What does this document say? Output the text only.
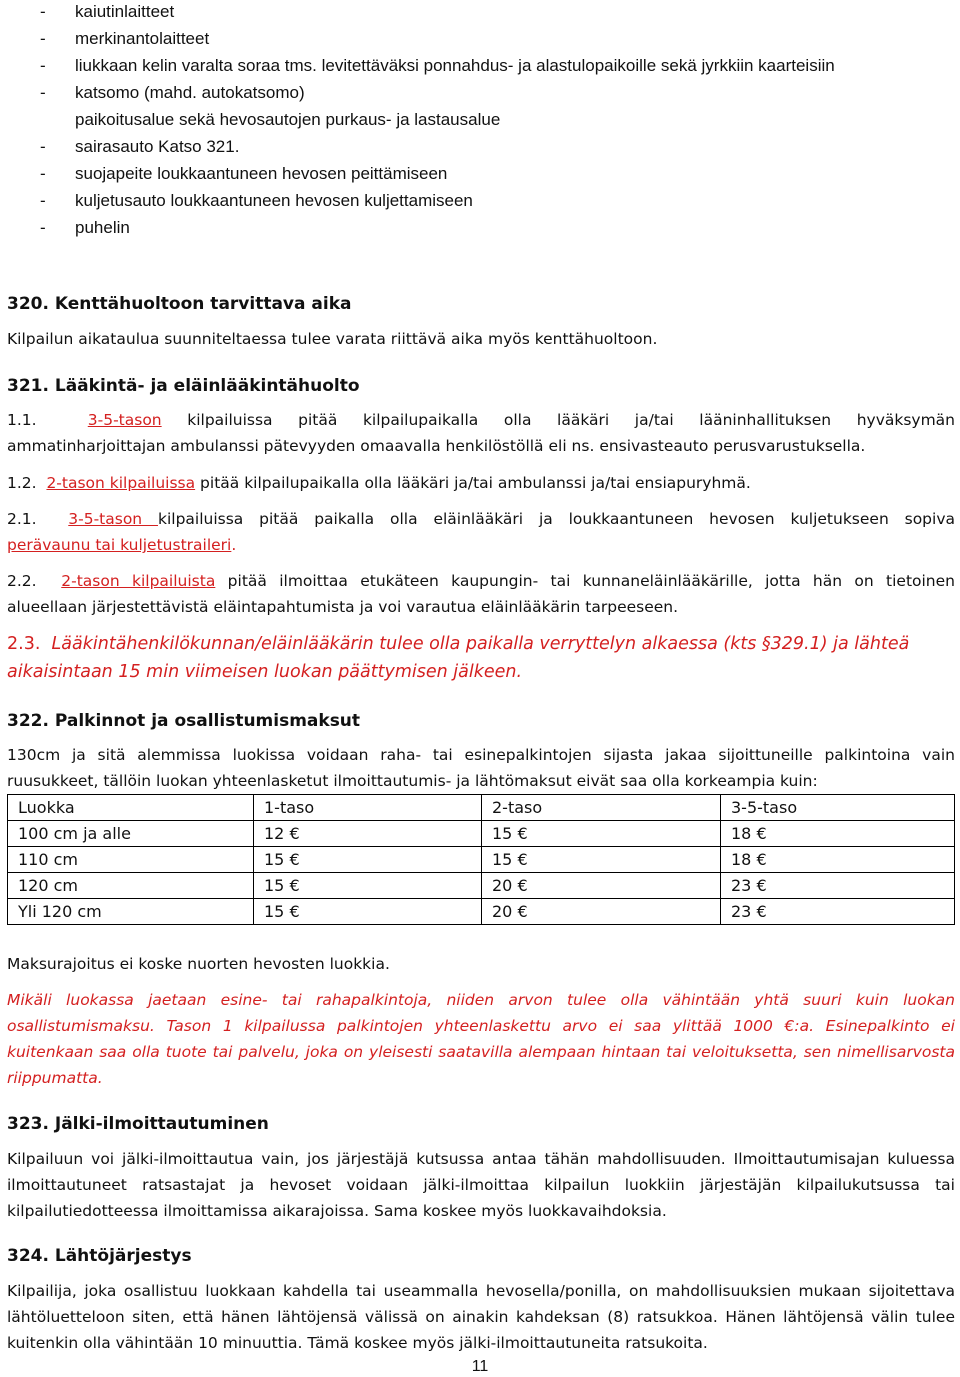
- kaiutinlaitteet
- merkinantolaitteet
- liukkaan kelin varalta soraa tms. levitettäväksi ponnahdus- ja alastulopaikoille sekä jyrkkiin kaarteisiin
- katsomo (mahd. autokatsomo)
paikoitusalue sekä hevosautojen purkaus- ja lastausalue
- sairasauto Katso 321.
- suojapeite loukkaantuneen hevosen peittämiseen
- kuljetusauto loukkaantuneen hevosen kuljettamiseen
- puhelin
320. Kenttähuoltoon tarvittava aika
Kilpailun aikataulua suunniteltaessa tulee varata riittävä aika myös kenttähuoltoon.
321. Lääkintä- ja eläinlääkintähuolto
1.1.	3-5-tason kilpailuissa pitää kilpailupaikalla olla lääkäri ja/tai lääninhallituksen hyväksymän
ammatinharjoittajan ambulanssi pätevyyden omaavalla henkilöstöllä eli ns. ensivasteauto perusvarustuksella.
1.2. 2-tason kilpailuissa pitää kilpailupaikalla olla lääkäri ja/tai ambulanssi ja/tai ensiapuryhmä.
2.1. 3-5-tason kilpailuissa pitää paikalla olla eläinlääkäri ja loukkaantuneen hevosen kuljetukseen sopiva
perävaunu tai kuljetustraileri.
2.2. 2-tason kilpailuista pitää ilmoittaa etukäteen kaupungin- tai kunnaneläinlääkärille, jotta hän on tietoinen
alueellaan järjestettävistä eläintapahtumista ja voi varautua eläinlääkärin tarpeeseen.
2.3. Lääkintähenkilökunnan/eläinlääkärin tulee olla paikalla verryttelyn alkaessa (kts §329.1) ja lähteä
aikaisintaan 15 min viimeisen luokan päättymisen jälkeen.
322. Palkinnot ja osallistumismaksut
130cm ja sitä alemmissa luokissa voidaan raha- tai esinepalkintojen sijasta jakaa sijoittuneille palkintoina vain ruusukkeet, tällöin luokan yhteenlasketut ilmoittautumis- ja lähtömaksut eivät saa olla korkeampia kuin:
Luokka	1-taso	2-taso	3-5-taso
100 cm ja alle	12 €	15 €	18 €
110 cm	15 €	15 €	18 €
120 cm	15 €	20 €	23 €
Yli 120 cm	15 €	20 €	23 €
Maksurajoitus ei koske nuorten hevosten luokkia.
Mikäli luokassa jaetaan esine- tai rahapalkintoja, niiden arvon tulee olla vähintään yhtä suuri kuin luokan osallistumismaksu. Tason 1 kilpailussa palkintojen yhteenlaskettu arvo ei saa ylittää 1000 €:a. Esinepalkinto ei kuitenkaan saa olla tuote tai palvelu, joka on yleisesti saatavilla alempaan hintaan tai veloituksetta, sen nimellisarvosta riippumatta.
323. Jälki-ilmoittautuminen
Kilpailuun voi jälki-ilmoittautua vain, jos järjestäjä kutsussa antaa tähän mahdollisuuden. Ilmoittautumisajan kuluessa ilmoittautuneet ratsastajat ja hevoset voidaan jälki-ilmoittaa kilpailun luokkiin järjestäjän kilpailukutsussa tai kilpailutiedotteessa ilmoittamissa aikarajoissa. Sama koskee myös luokkavaihdoksia.
324. Lähtöjärjestys
Kilpailija, joka osallistuu luokkaan kahdella tai useammalla hevosella/ponilla, on mahdollisuuksien mukaan sijoitettava lähtöluetteloon siten, että hänen lähtöjensä välissä on ainakin kahdeksan (8) ratsukkoa. Hänen lähtöjensä välin tulee kuitenkin olla vähintään 10 minuuttia. Tämä koskee myös jälki-ilmoittautuneita ratsukoita.
11
